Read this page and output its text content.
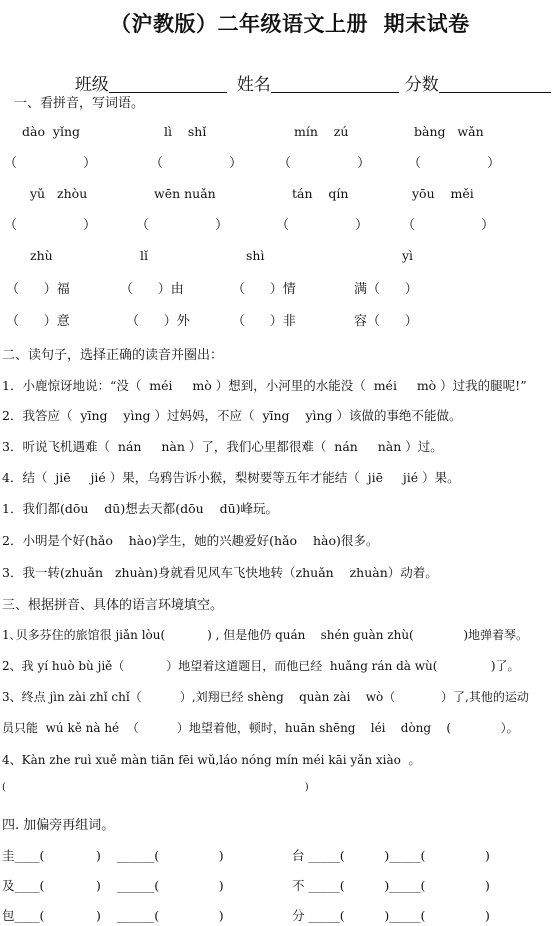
（沪教版）二年级语文上册  期末试卷

班级	姓名	分数

一、看拼音，写词语。
dào  yǐng	lì    shǐ	mín    zú	bàng   wǎn
（                ）	（                ）	（                ）	（                ）
yǔ   zhòu	wēn nuǎn	tán    qín	yōu    měi
（                ）	（                ）	（                ）	（                ）
zhù	lǐ	shì	yì
（      ）福	（      ）由	（      ）情	满（      ）
（      ）意	（      ）外	（      ）非	容（      ）
二、读句子，选择正确的读音并圈出：
1．小鹿惊讶地说：“没（  méi     mò ）想到，小河里的水能没（  méi     mò ）过我的腿呢!”
2．我答应（  yīng    yìng ）过妈妈，不应（  yīng    yìng ）该做的事绝不能做。
3．听说飞机遇难（  nán     nàn ）了，我们心里都很难（  nán     nàn ）过。
4．结（  jiē     jié ）果，乌鸦告诉小猴，梨树要等五年才能结（  jiē     jié ）果。
1．我们都(dōu    dū)想去天都(dōu    dū)峰玩。
2．小明是个好(hǎo    hào)学生，她的兴趣爱好(hǎo    hào)很多。
3．我一转(zhuǎn   zhuàn)身就看见风车飞快地转（zhuǎn    zhuàn）动着。
三、根据拼音、具体的语言环境填空。
1､贝多芬住的旅馆很 jiǎn lòu(           ) , 但是他仍 quán    shén guàn zhù(             )地弹着琴。
2、我 yí huò bù jiě（           ）地望着这道题目，而他已经  huǎng rán dà wù(              )了。
3、终点 jìn zài zhǐ chǐ（          ）,刘翔已经 shèng    quàn zài    wò（            ）了,其他的运动
员只能  wú kě nà hé  （          ）地望着他，顿时，huān shēng    léi    dòng    (             ）。
4、Kàn zhe ruì xuě màn tiān fēi wǔ,láo nóng mín méi kāi yǎn xiào  。
(                                                                                              )
四. 加偏旁再组词。
圭____(             )    ______(               )	台 _____(          )_____(               )
及____(             )    ______(               )	不 _____(          )_____(               )
包____(             )    ______(               )	分 _____(          )_____(               )
